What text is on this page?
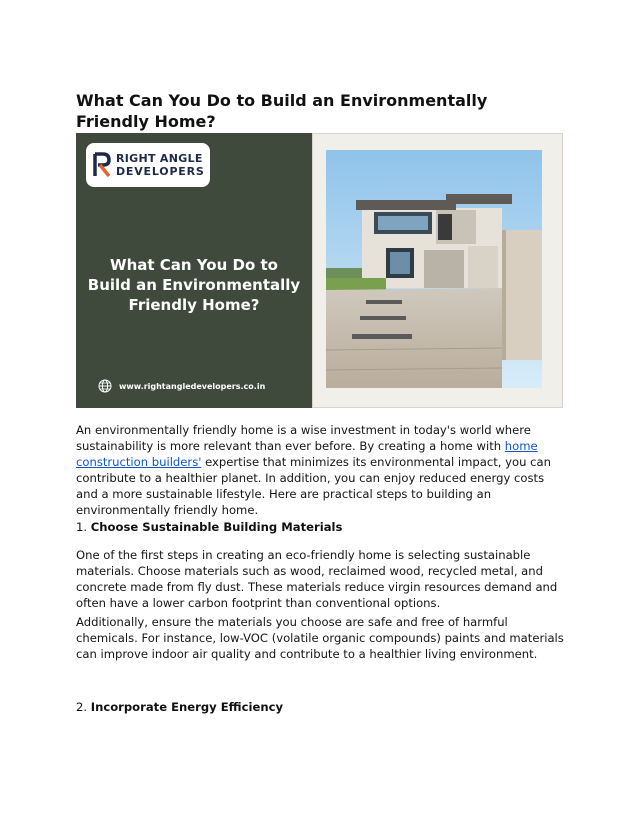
What Can You Do to Build an Environmentally Friendly Home?
RIGHT ANGLE
DEVELOPERS
What Can You Do to
Build an Environmentally
Friendly Home?
www.rightangledevelopers.co.in

An environmentally friendly home is a wise investment in today's world where sustainability is more relevant than ever before. By creating a home with home construction builders' expertise that minimizes its environmental impact, you can contribute to a healthier planet. In addition, you can enjoy reduced energy costs and a more sustainable lifestyle. Here are practical steps to building an environmentally friendly home.

1. Choose Sustainable Building Materials

One of the first steps in creating an eco-friendly home is selecting sustainable materials. Choose materials such as wood, reclaimed wood, recycled metal, and concrete made from fly dust. These materials reduce virgin resources demand and often have a lower carbon footprint than conventional options.

Additionally, ensure the materials you choose are safe and free of harmful chemicals. For instance, low-VOC (volatile organic compounds) paints and materials can improve indoor air quality and contribute to a healthier living environment.

2. Incorporate Energy Efficiency
